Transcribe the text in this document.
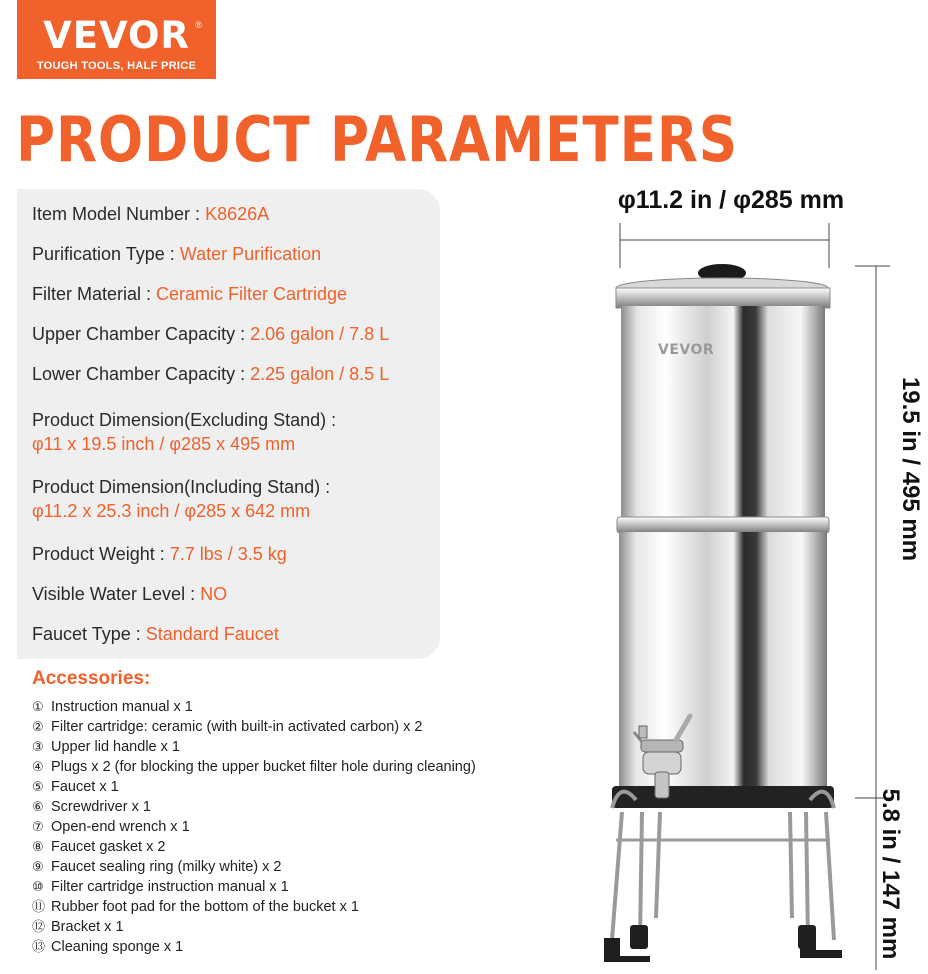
VEVOR
TOUGH TOOLS, HALF PRICE
®
PRODUCT PARAMETERS
Item Model Number : K8626A
Purification Type : Water Purification
Filter Material : Ceramic Filter Cartridge
Upper Chamber Capacity : 2.06 galon / 7.8 L
Lower Chamber Capacity : 2.25 galon / 8.5 L
Product Dimension(Excluding Stand) :
φ11 x 19.5 inch / φ285 x 495 mm
Product Dimension(Including Stand) :
φ11.2 x 25.3 inch / φ285 x 642 mm
Product Weight : 7.7 lbs / 3.5 kg
Visible Water Level : NO
Faucet Type : Standard Faucet
Accessories:
① Instruction manual x 1
② Filter cartridge: ceramic (with built-in activated carbon) x 2
③ Upper lid handle x 1
④ Plugs x 2 (for blocking the upper bucket filter hole during cleaning)
⑤ Faucet x 1
⑥ Screwdriver x 1
⑦ Open-end wrench x 1
⑧ Faucet gasket x 2
⑨ Faucet sealing ring (milky white) x 2
⑩ Filter cartridge instruction manual x 1
⑪ Rubber foot pad for the bottom of the bucket x 1
⑫ Bracket x 1
⑬ Cleaning sponge x 1
VEVOR
φ11.2 in / φ285 mm
19.5 in / 495 mm
5.8 in / 147 mm
